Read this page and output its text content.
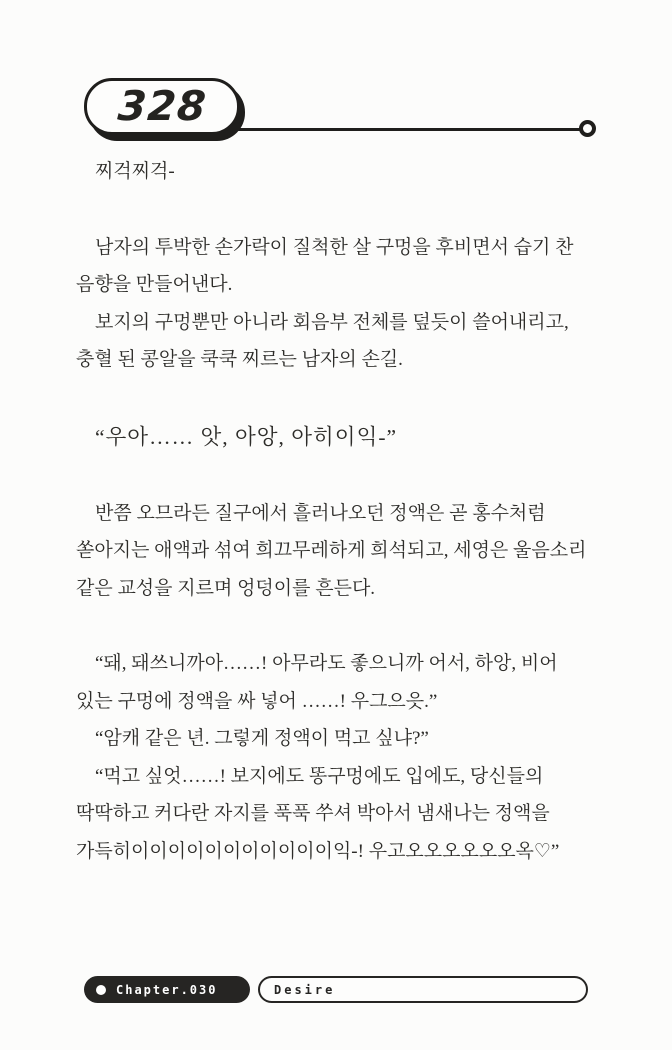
328

찌걱찌걱-

남자의 투박한 손가락이 질척한 살 구멍을 후비면서 습기 찬 음향을 만들어낸다.

보지의 구멍뿐만 아니라 회음부 전체를 덮듯이 쓸어내리고, 충혈 된 콩알을 쿡쿡 찌르는 남자의 손길.

“우아…… 앗, 아앙, 아히이익-”

반쯤 오므라든 질구에서 흘러나오던 정액은 곧 홍수처럼 쏟아지는 애액과 섞여 희끄무레하게 희석되고, 세영은 울음소리 같은 교성을 지르며 엉덩이를 흔든다.

“돼, 돼쓰니까아……! 아무라도 좋으니까 어서, 하앙, 비어 있는 구멍에 정액을 싸 넣어 ……! 우그으읏.”

“암캐 같은 년. 그렇게 정액이 먹고 싶냐?”

“먹고 싶엇……! 보지에도 똥구멍에도 입에도, 당신들의 딱딱하고 커다란 자지를 푹푹 쑤셔 박아서 냄새나는 정액을 가득히이이이이이이이이이이이익-! 우고오오오오오오옥♡”

Chapter.030	Desire
